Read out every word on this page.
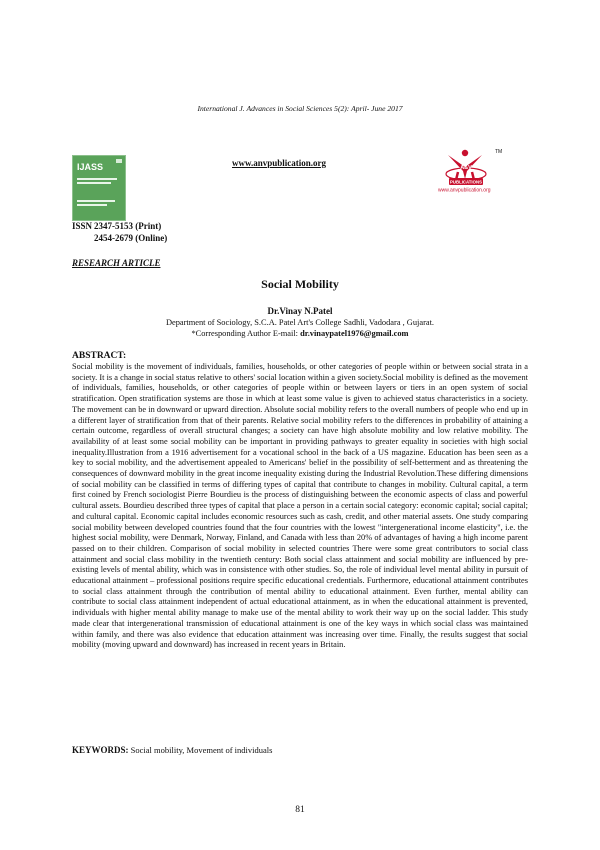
International J. Advances in Social Sciences 5(2): April- June 2017
IJASS	www.anvpublication.org	A&V
PUBLICATIONS
TM
www.anvpublication.org
ISSN 2347-5153 (Print)
2454-2679 (Online)
RESEARCH ARTICLE
Social Mobility
Dr.Vinay N.Patel
Department of Sociology, S.C.A. Patel Art's College Sadhli, Vadodara , Gujarat.
*Corresponding Author E-mail: dr.vinaypatel1976@gmail.com
ABSTRACT:
Social mobility is the movement of individuals, families, households, or other categories of people within or between social strata in a society. It is a change in social status relative to others' social location within a given society.Social mobility is defined as the movement of individuals, families, households, or other categories of people within or between layers or tiers in an open system of social stratification. Open stratification systems are those in which at least some value is given to achieved status characteristics in a society. The movement can be in downward or upward direction. Absolute social mobility refers to the overall numbers of people who end up in a different layer of stratification from that of their parents. Relative social mobility refers to the differences in probability of attaining a certain outcome, regardless of overall structural changes; a society can have high absolute mobility and low relative mobility. The availability of at least some social mobility can be important in providing pathways to greater equality in societies with high social inequality.Illustration from a 1916 advertisement for a vocational school in the back of a US magazine. Education has been seen as a key to social mobility, and the advertisement appealed to Americans' belief in the possibility of self-betterment and as threatening the consequences of downward mobility in the great income inequality existing during the Industrial Revolution.These differing dimensions of social mobility can be classified in terms of differing types of capital that contribute to changes in mobility. Cultural capital, a term first coined by French sociologist Pierre Bourdieu is the process of distinguishing between the economic aspects of class and powerful cultural assets. Bourdieu described three types of capital that place a person in a certain social category: economic capital; social capital; and cultural capital. Economic capital includes economic resources such as cash, credit, and other material assets. One study comparing social mobility between developed countries found that the four countries with the lowest "intergenerational income elasticity", i.e. the highest social mobility, were Denmark, Norway, Finland, and Canada with less than 20% of advantages of having a high income parent passed on to their children. Comparison of social mobility in selected countries There were some great contributors to social class attainment and social class mobility in the twentieth century: Both social class attainment and social mobility are influenced by pre-existing levels of mental ability, which was in consistence with other studies. So, the role of individual level mental ability in pursuit of educational attainment – professional positions require specific educational credentials. Furthermore, educational attainment contributes to social class attainment through the contribution of mental ability to educational attainment. Even further, mental ability can contribute to social class attainment independent of actual educational attainment, as in when the educational attainment is prevented, individuals with higher mental ability manage to make use of the mental ability to work their way up on the social ladder. This study made clear that intergenerational transmission of educational attainment is one of the key ways in which social class was maintained within family, and there was also evidence that education attainment was increasing over time. Finally, the results suggest that social mobility (moving upward and downward) has increased in recent years in Britain.
KEYWORDS: Social mobility, Movement of individuals
81
